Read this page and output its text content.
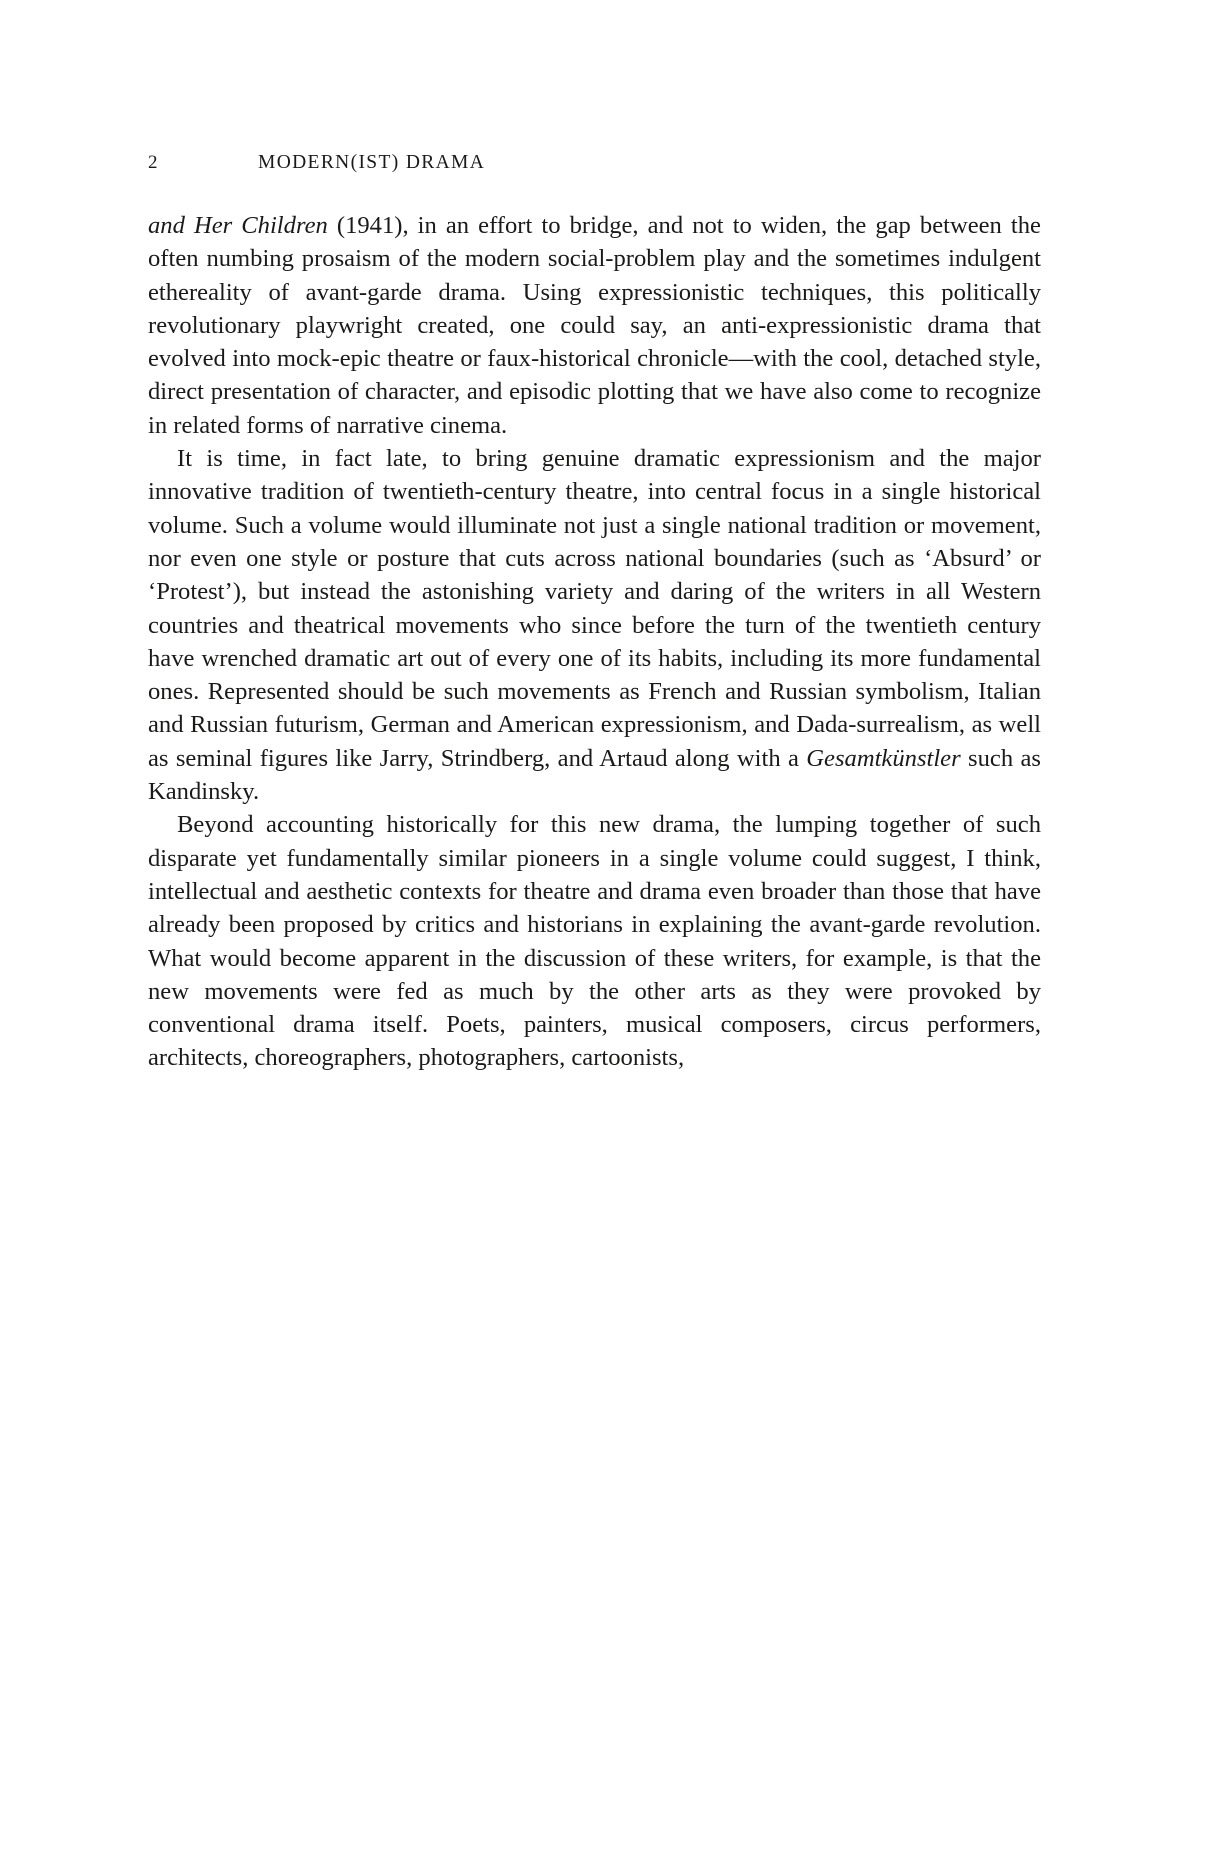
2	MODERN(IST) DRAMA

and Her Children (1941), in an effort to bridge, and not to widen, the gap between the often numbing prosaism of the modern social-problem play and the sometimes indulgent ethereality of avant-garde drama. Using expressionistic techniques, this politically revolutionary playwright created, one could say, an anti-expressionistic drama that evolved into mock-epic theatre or faux-historical chronicle—with the cool, detached style, direct presentation of character, and episodic plotting that we have also come to recognize in related forms of narrative cinema.

It is time, in fact late, to bring genuine dramatic expressionism and the major innovative tradition of twentieth-century theatre, into central focus in a single historical volume. Such a volume would illuminate not just a single national tradition or movement, nor even one style or posture that cuts across national boundaries (such as ‘Absurd’ or ‘Protest’), but instead the astonishing variety and daring of the writers in all Western countries and theatrical movements who since before the turn of the twentieth century have wrenched dramatic art out of every one of its habits, including its more fundamental ones. Represented should be such movements as French and Russian symbolism, Italian and Russian futurism, German and American expressionism, and Dada-surrealism, as well as seminal figures like Jarry, Strindberg, and Artaud along with a Gesamtkünstler such as Kandinsky.

Beyond accounting historically for this new drama, the lumping together of such disparate yet fundamentally similar pioneers in a single volume could suggest, I think, intellectual and aesthetic contexts for theatre and drama even broader than those that have already been proposed by critics and historians in explaining the avant-garde revolution. What would become apparent in the discussion of these writers, for example, is that the new movements were fed as much by the other arts as they were provoked by conventional drama itself. Poets, painters, musical composers, circus performers, architects, choreographers, photographers, cartoonists,
